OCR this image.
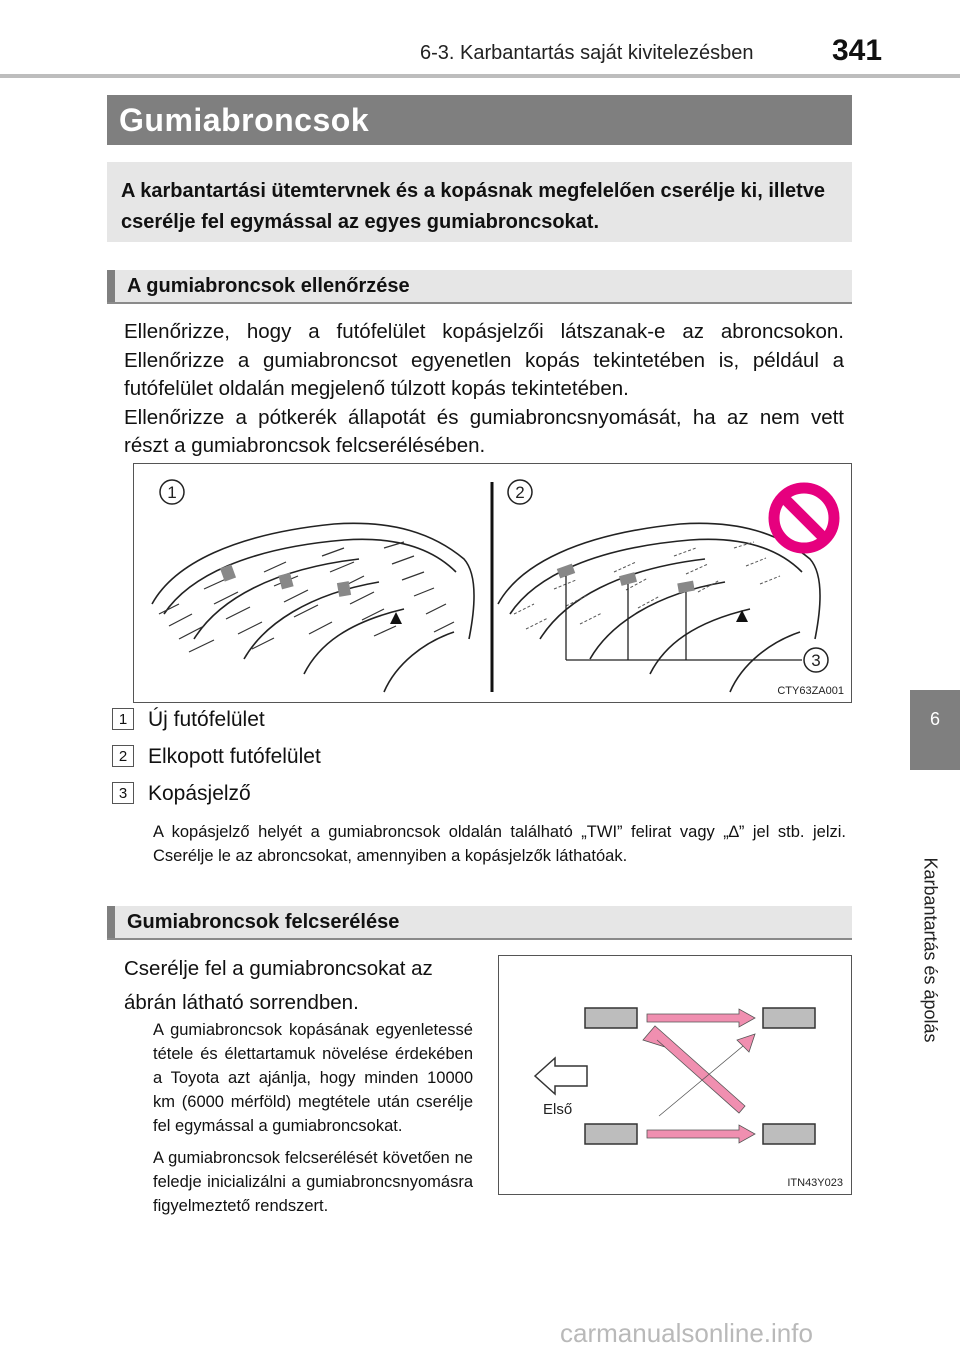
6-3. Karbantartás saját kivitelezésben	341
6
Karbantartás és ápolás
Gumiabroncsok
A karbantartási ütemtervnek és a kopásnak megfelelően cserélje ki, illetve cserélje fel egymással az egyes gumiabroncsokat.
A gumiabroncsok ellenőrzése

Ellenőrizze, hogy a futófelület kopásjelzői látszanak-e az abroncsokon. Ellenőrizze a gumiabroncsot egyenetlen kopás tekintetében is, például a futófelület oldalán megjelenő túlzott kopás tekintetében.

Ellenőrizze a pótkerék állapotát és gumiabroncsnyomását, ha az nem vett részt a gumiabroncsok felcserélésében.

1	2
3
CTY63ZA001
1 Új futófelület
2 Elkopott futófelület
3 Kopásjelző
A kopásjelző helyét a gumiabroncsok oldalán található „TWI” felirat vagy „∆” jel stb. jelzi. Cserélje le az abroncsokat, amennyiben a kopásjelzők láthatóak.
Gumiabroncsok felcserélése
Cserélje fel a gumiabroncsokat az ábrán látható sorrendben.

A gumiabroncsok kopásának egyenletessé tétele és élettartamuk növelése érdekében a Toyota azt ajánlja, hogy minden 10000 km (6000 mérföld) megtétele után cserélje fel egymással a gumiabroncsokat.

A gumiabroncsok felcserélését követően ne feledje inicializálni a gumiabroncsnyomásra figyelmeztető rendszert.

Első
ITN43Y023
carmanualsonline.info
